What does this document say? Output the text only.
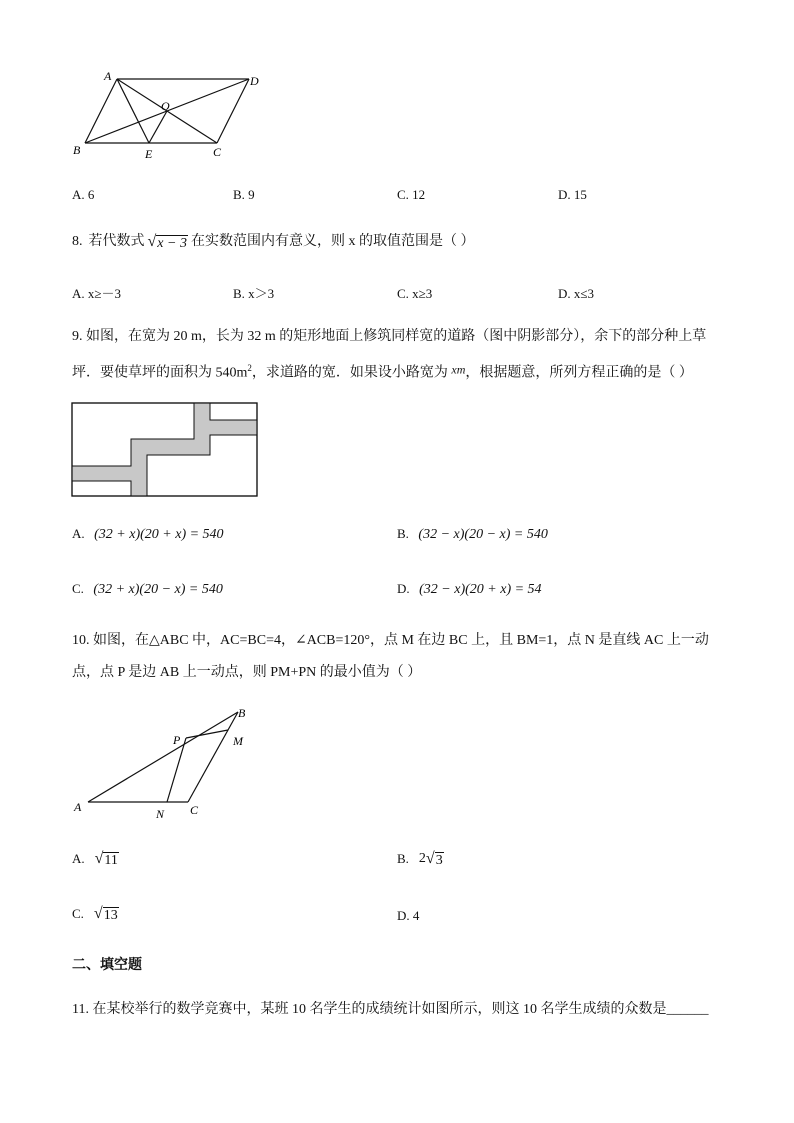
A	D
O
B	E	C
A. 6	B. 9	C. 12	D. 15
8. 若代数式 √ x − 3 在实数范围内有意义，则 x 的取值范围是（ ）
A. x≥－3	B. x＞3	C. x≥3	D. x≤3
9. 如图，在宽为 20 m，长为 32 m 的矩形地面上修筑同样宽的道路（图中阴影部分），余下的部分种上草
坪．要使草坪的面积为 $540m^2$，求道路的宽．如果设小路宽为 xm，根据题意，所列方程正确的是（ ）
A. (32 + x)(20 + x) = 540	B. (32 − x)(20 − x) = 540
C. (32 + x)(20 − x) = 540	D. (32 − x)(20 + x) = 54
10. 如图，在△ABC 中，AC=BC=4，∠ACB=120°，点 M 在边 BC 上，且 BM=1，点 N 是直线 AC 上一动
点，点 P 是边 AB 上一动点，则 PM+PN 的最小值为（ ）
B
P	M
A	N C
A. √ 11	B. 2 √ 3
C. √ 13	D. 4
二、填空题
11. 在某校举行的数学竞赛中，某班 10 名学生的成绩统计如图所示，则这 10 名学生成绩的众数是______
